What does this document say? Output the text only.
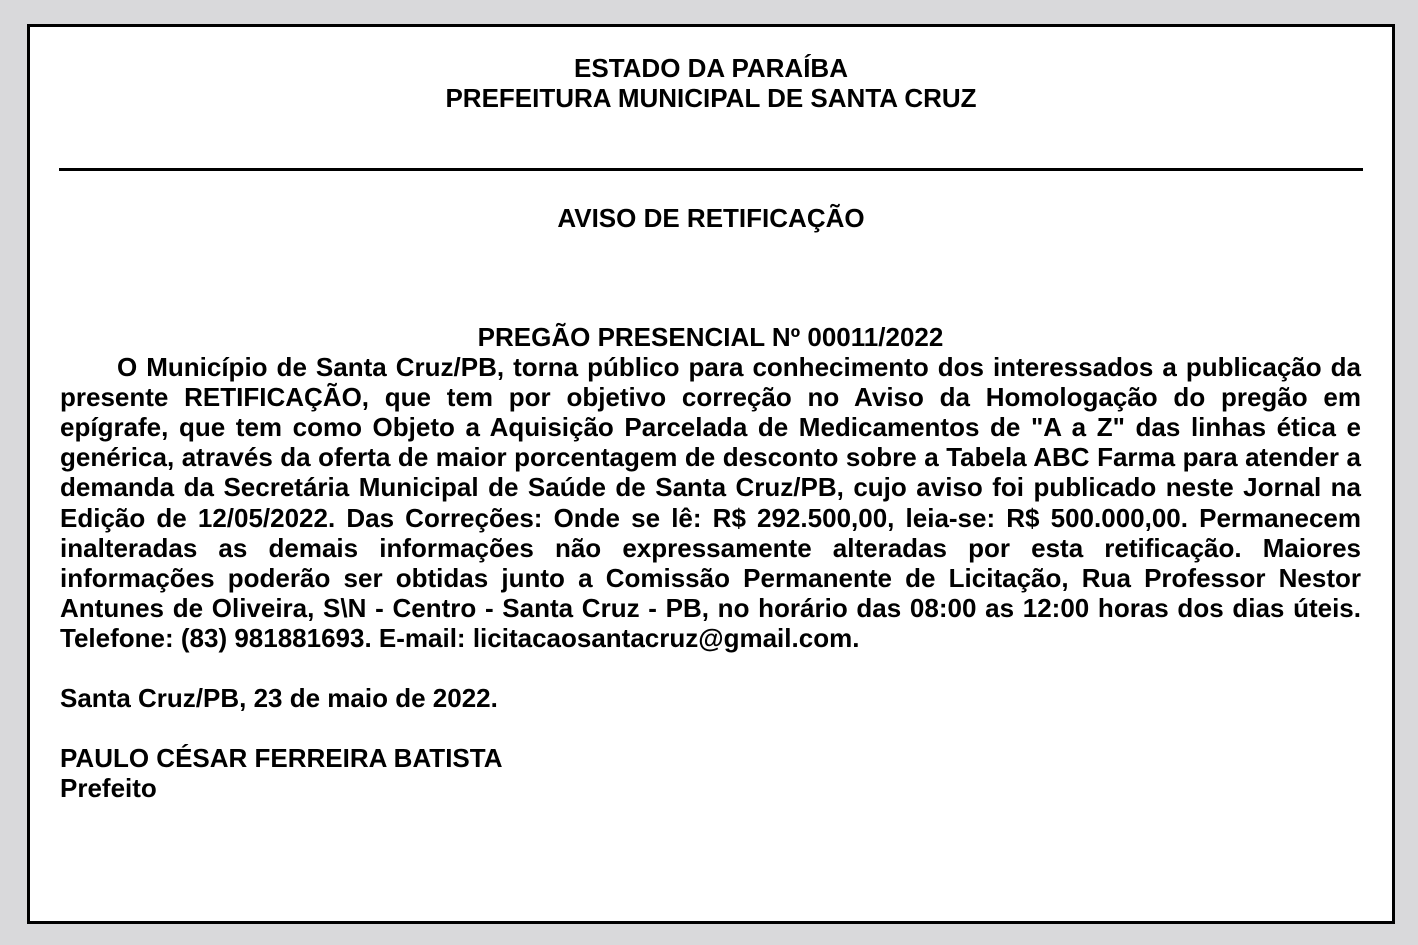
ESTADO DA PARAÍBA
PREFEITURA MUNICIPAL DE SANTA CRUZ
AVISO DE RETIFICAÇÃO
PREGÃO PRESENCIAL Nº 00011/2022

O Município de Santa Cruz/PB, torna público para conhecimento dos interessados a publicação da presente RETIFICAÇÃO, que tem por objetivo correção no Aviso da Homologação do pregão em epígrafe, que tem como Objeto a Aquisição Parcelada de Medicamentos de "A a Z" das linhas ética e genérica, através da oferta de maior porcentagem de desconto sobre a Tabela ABC Farma para atender a demanda da Secretária Municipal de Saúde de Santa Cruz/PB, cujo aviso foi publicado neste Jornal na Edição de 12/05/2022. Das Correções: Onde se lê: R$ 292.500,00, leia-se: R$ 500.000,00. Permanecem inalteradas as demais informações não expressamente alteradas por esta retificação. Maiores informações poderão ser obtidas junto a Comissão Permanente de Licitação, Rua Professor Nestor Antunes de Oliveira, S\N - Centro - Santa Cruz - PB, no horário das 08:00 as 12:00 horas dos dias úteis. Telefone: (83) 981881693. E-mail: licitacaosantacruz@gmail.com.

Santa Cruz/PB, 23 de maio de 2022.
PAULO CÉSAR FERREIRA BATISTA
Prefeito
